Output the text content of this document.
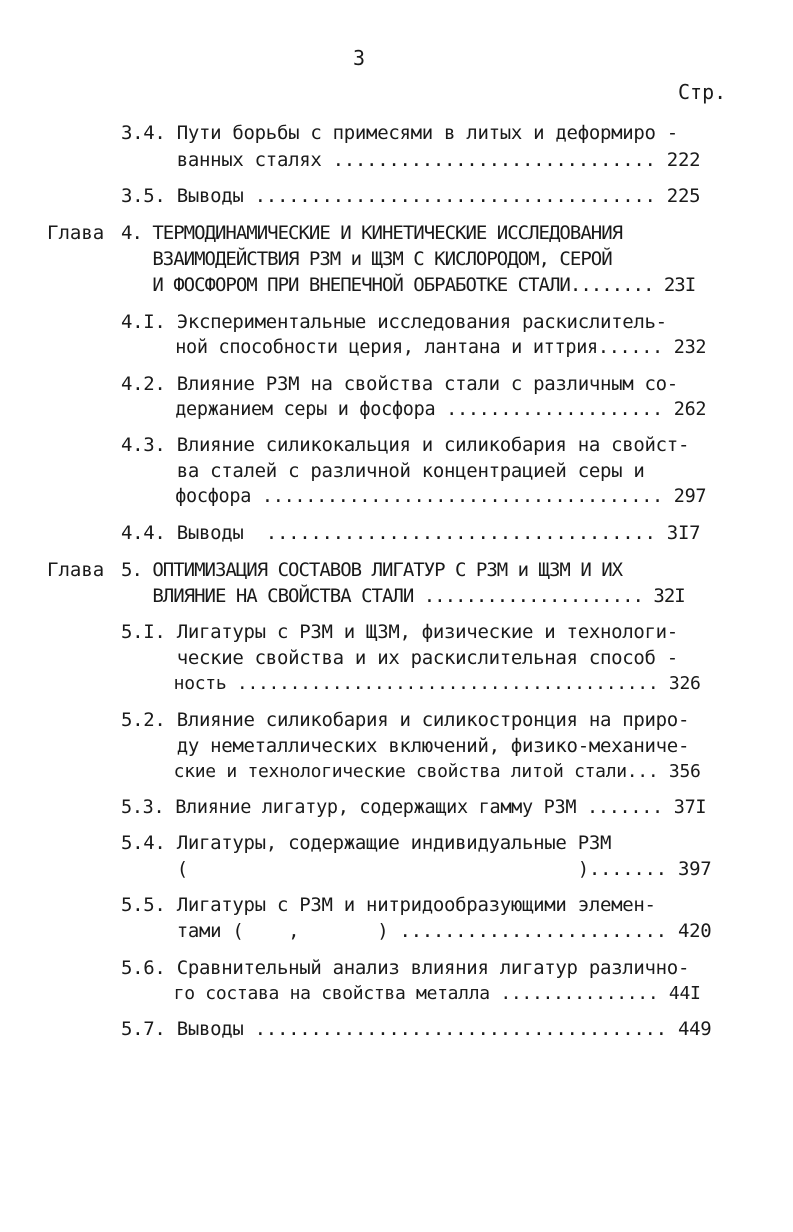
3
Стр.
3.4. Пути борьбы с примесями в литых и деформиро -
ванных сталях ............................. 222
3.5. Выводы .................................... 225
Глава 4. ТЕРМОДИНАМИЧЕСКИЕ И КИНЕТИЧЕСКИЕ ИССЛЕДОВАНИЯ
ВЗАИМОДЕЙСТВИЯ РЗМ и ЩЗМ С КИСЛОРОДОМ, СЕРОЙ
И ФОСФОРОМ ПРИ ВНЕПЕЧНОЙ ОБРАБОТКЕ СТАЛИ........ 23I
4.I. Экспериментальные исследования раскислитель-
ной способности церия, лантана и иттрия...... 232
4.2. Влияние РЗМ на свойства стали с различным со-
держанием серы и фосфора .................... 262
4.3. Влияние силикокальция и силикобария на свойст-
ва сталей с различной концентрацией серы и
фосфора ..................................... 297
4.4. Выводы  ................................... 3I7
Глава 5. ОПТИМИЗАЦИЯ СОСТАВОВ ЛИГАТУР С РЗМ и ЩЗМ И ИХ
ВЛИЯНИЕ НА СВОЙСТВА СТАЛИ ..................... 32I
5.I. Лигатуры с РЗМ и ЩЗМ, физические и технологи-
ческие свойства и их раскислительная способ -
ность ........................................ 326
5.2. Влияние силикобария и силикостронция на приро-
ду неметаллических включений, физико-механиче-
ские и технологические свойства литой стали... 356
5.3. Влияние лигатур, содержащих гамму РЗМ ....... 37I
5.4. Лигатуры, содержащие индивидуальные РЗМ
(                                   )....... 397
5.5. Лигатуры с РЗМ и нитридообразующими элемен-
тами (    ,       ) ........................ 420
5.6. Сравнительный анализ влияния лигатур различно-
го состава на свойства металла ............... 44I
5.7. Выводы ..................................... 449
